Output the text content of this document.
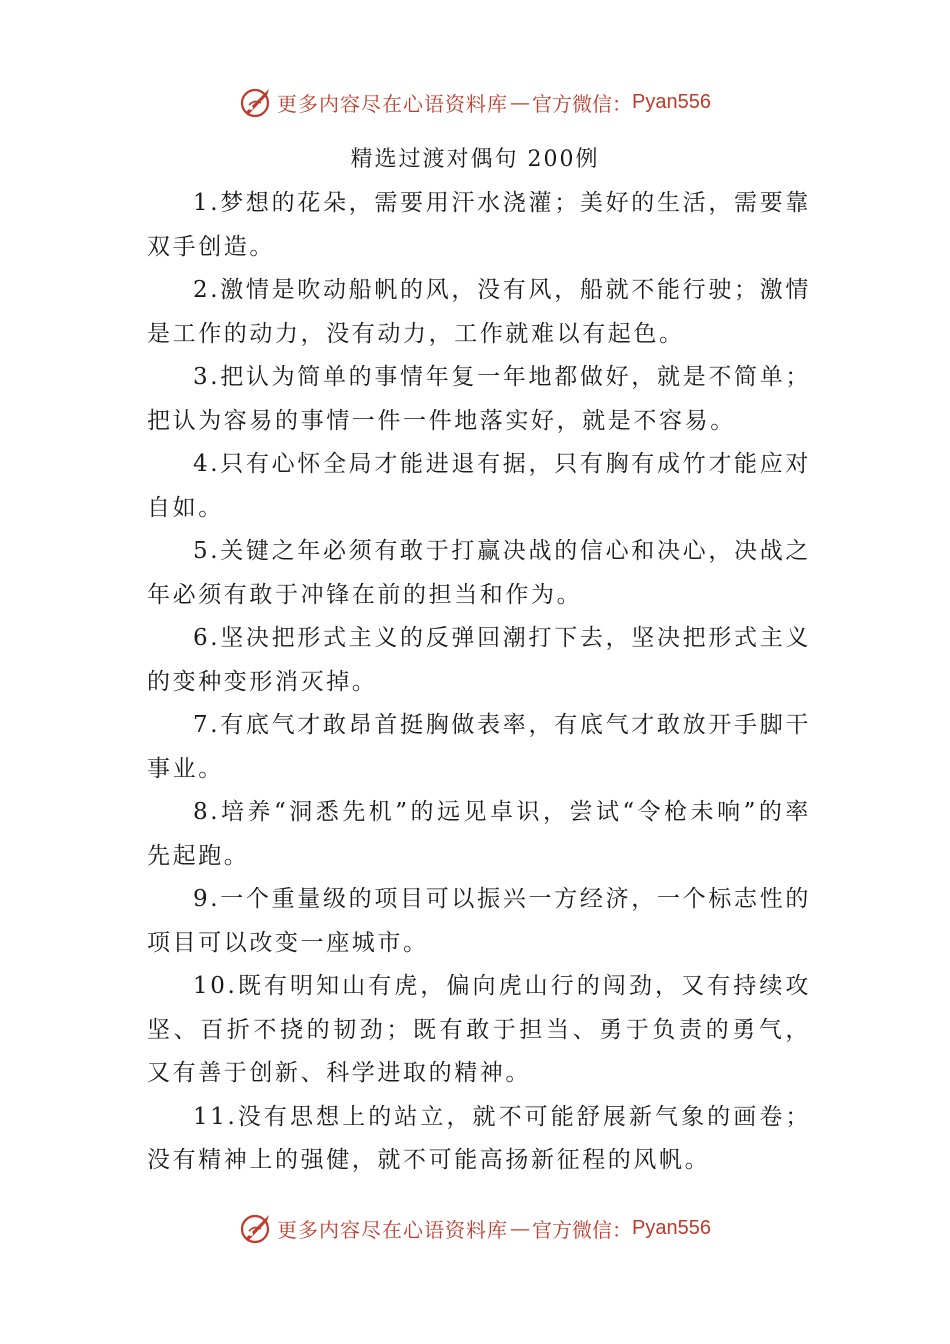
更多内容尽在心语资料库 — 官方微信： Pyan556
精选过渡对偶句 200例

1.梦想的花朵，需要用汗水浇灌；美好的生活，需要靠双手创造。

2.激情是吹动船帆的风，没有风，船就不能行驶；激情是工作的动力，没有动力，工作就难以有起色。

3.把认为简单的事情年复一年地都做好，就是不简单；把认为容易的事情一件一件地落实好，就是不容易。

4.只有心怀全局才能进退有据，只有胸有成竹才能应对自如。

5.关键之年必须有敢于打赢决战的信心和决心，决战之年必须有敢于冲锋在前的担当和作为。

6.坚决把形式主义的反弹回潮打下去，坚决把形式主义的变种变形消灭掉。

7.有底气才敢昂首挺胸做表率，有底气才敢放开手脚干事业。

8.培养“洞悉先机”的远见卓识，尝试“令枪未响”的率先起跑。

9.一个重量级的项目可以振兴一方经济，一个标志性的项目可以改变一座城市。

10.既有明知山有虎，偏向虎山行的闯劲，又有持续攻坚、百折不挠的韧劲；既有敢于担当、勇于负责的勇气，又有善于创新、科学进取的精神。

11.没有思想上的站立，就不可能舒展新气象的画卷；没有精神上的强健，就不可能高扬新征程的风帆。

更多内容尽在心语资料库 — 官方微信： Pyan556
